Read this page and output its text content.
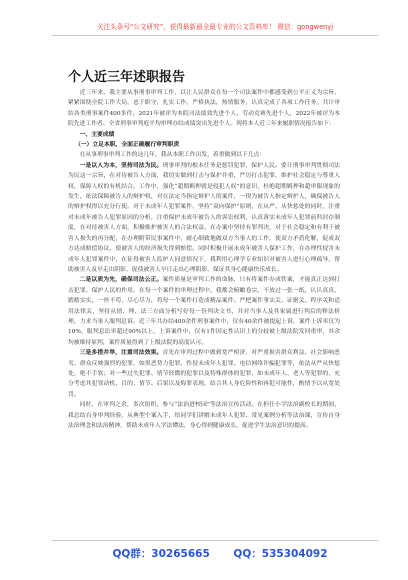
关注头条号“公文研究”，获得最新最全最专业的公文资料库！ 微信：gongwenyj
个人近三年述职报告

近三年来，我主要从事刑事审判工作，以让人民群众在每一个司法案件中都感受到公平正义为宗旨，紧紧围绕全院工作大局，忠于职守，扎实工作，严格执法，热情服务，认真完成了各项工作任务。共计审结各类刑事案件400多件，2021年被评为本院司法绩效先进个人，劳动竞赛先进个人，2022年被评为本院先进工作者、全省刑事审判庭平均审理办结成绩突出先进个人。现将本人近三年来履职情况报告如下：

一、主要成绩

（一）立足本职，全面正确履行审判职责

在从事刑事审判工作的这几年，我从本职工作出发，着重做到以下几点：

一是以人为本，坚持司法为民。刑事审判的根本任务是惩罚犯罪，保护人民。要让刑事审判贯彻司法为民这一宗旨，在对待被告人方面，我切实做到打击与保护并重，严厉打击犯罪，维护社会稳定与尊重人权，保障人权的有机结合。工作中，强化“超期羁押就是侵犯人权”的意识，杜绝超期羁押和超审限现象的发生，依法保障被告人的辩护权，对在法定当指定辩护人的案件，一律为被告人指定辩护人，确保被告人的辩护权得以充分行使。对于未成年人犯罪案件，坚持“双向保护”原则，在从严、从快惩处的同时，注重对未成年被告人犯罪原因的分析，注重保护未成年被告人的诉讼权利，认真落实未成年人犯罪前科封存制度，在对待被害人方面，积极维护被害人的合法权益。在办案中坚持有罪判决，对于社会稳定和有利于被害人损失的再分配，在办理附带民事案件中，耐心细致地做双方当事人的工作，使双方矛盾化解，促成双方达成赔偿协议，使被害人的经济损失得到赔偿。同时积极开展未成年被害人保护工作，在办理性侵害未成年人犯罪案件中，在征得被害人监护人同意情况下，我利用心理学专业知识对被害人进行心理疏导，帮助被害人及早走出阴影，促使被害人早日走出心理阴影，保证其身心健康快乐成长。

二是以质为先，确保司法公正。案件质量是审判工作的命脉，只有将案件办成铁案，才能真正达到打击犯罪、保护人民的作用。在每一个案件的审理过程中，我都会俯瞰卷宗，不放过一张一纸，认认真真，踏踏实实，一丝不苟，尽心尽力，将每一个案件打造成精品案件。严把案件事实关、证据关、程序关和适用法律关，坚持从情、理、法三方面分析写好每一份判决文书，并对当事人及其家属进行判后的释法析理，力求当事人服判息诉。近三年共办结400余件刑事案件中，仅有40余件被提起上诉，案件上诉率仅为10%，服判息讼率超过90%以上，上诉案件中，仅有1件因定性认识上的分歧被上级法院发回重审，其余均被维持原判，案件质量得到了上级法院的高度认可。

三是多措并举，注重司法效果。首先在审判过程中做到宽严相济，对严重损害群众利益、社会影响恶劣、群众反映强烈的犯罪，如黑恶势力犯罪、性侵未成年人犯罪、电信网络诈骗犯罪等，依法从严从快惩处，绝不手软；对一些过失犯罪、情节轻微的犯罪以及特殊群体的犯罪，如未成年人、老人等犯罪的，充分考虑其犯罪动机、目的、情节、后果以及悔罪表现，结合其人身危险性和再犯可能性，酌情予以从宽处罚。

同时，在审判之余，多次组织、参与“法治进校园”等法治宣传活动。在担任小学法治副校长的期间，我总结自身审判经验，从典型个案入手，给同学们讲解未成年人犯罪、常见案例分析等法治课，宣传自身法治理念和法治精神，帮助未成年人学法懂法，身心得到健康成长，促进学生法治意识的提高。

QQ群：30265665 QQ：535304092
